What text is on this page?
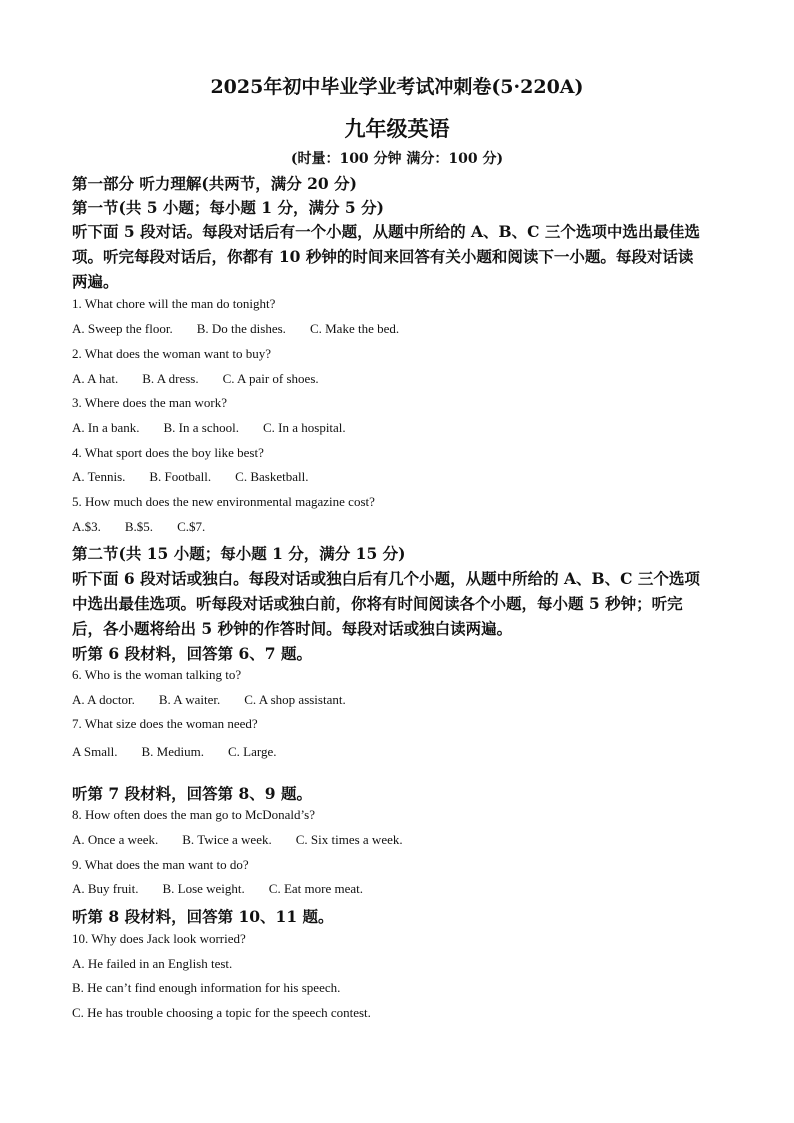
2025年初中毕业学业考试冲刺卷(5·220A)
九年级英语
(时量：100 分钟 满分：100 分)
第一部分 听力理解(共两节，满分 20 分)
第一节(共 5 小题；每小题 1 分，满分 5 分)
听下面 5 段对话。每段对话后有一个小题，从题中所给的 A、B、C 三个选项中选出最佳选
项。听完每段对话后，你都有 10 秒钟的时间来回答有关小题和阅读下一小题。每段对话读
两遍。
1. What chore will the man do tonight?
A. Sweep the floor. B. Do the dishes. C. Make the bed.
2. What does the woman want to buy?
A. A hat. B. A dress. C. A pair of shoes.
3. Where does the man work?
A. In a bank. B. In a school. C. In a hospital.
4. What sport does the boy like best?
A. Tennis. B. Football. C. Basketball.
5. How much does the new environmental magazine cost?
A.$3. B.$5. C.$7.
第二节(共 15 小题；每小题 1 分，满分 15 分)
听下面 6 段对话或独白。每段对话或独白后有几个小题，从题中所给的 A、B、C 三个选项
中选出最佳选项。听每段对话或独白前，你将有时间阅读各个小题，每小题 5 秒钟；听完
后，各小题将给出 5 秒钟的作答时间。每段对话或独白读两遍。
听第 6 段材料，回答第 6、7 题。
6. Who is the woman talking to?
A. A doctor. B. A waiter. C. A shop assistant.
7. What size does the woman need?
A Small. B. Medium. C. Large.
听第 7 段材料，回答第 8、9 题。
8. How often does the man go to McDonald’s?
A. Once a week. B. Twice a week. C. Six times a week.
9. What does the man want to do?
A. Buy fruit. B. Lose weight. C. Eat more meat.
听第 8 段材料，回答第 10、11 题。
10. Why does Jack look worried?
A. He failed in an English test.
B. He can’t find enough information for his speech.
C. He has trouble choosing a topic for the speech contest.
